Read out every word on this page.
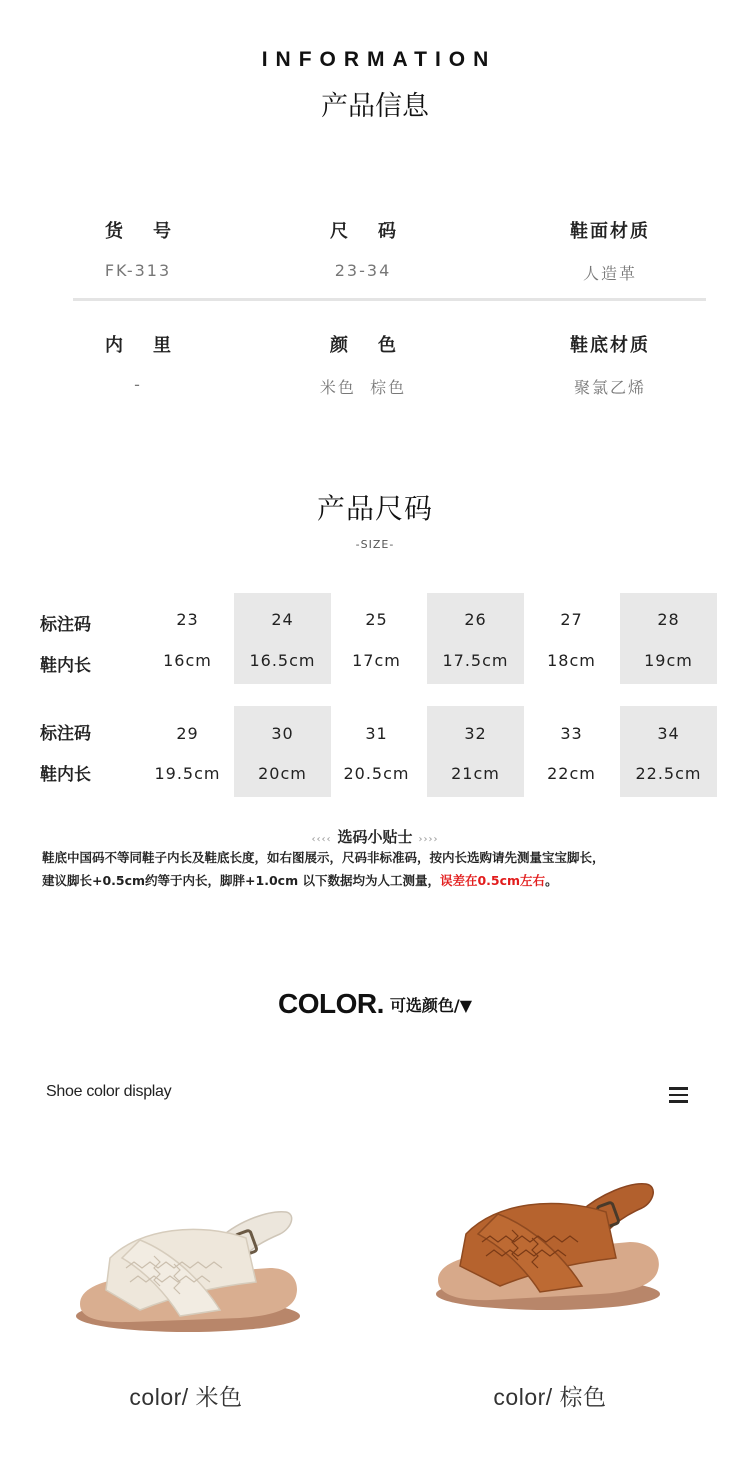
INFORMATION
产品信息
货号
FK-313
尺码
23-34
鞋面材质
人造革
内里
-
颜色
米色  棕色
鞋底材质
聚氯乙烯
产品尺码
-SIZE-
标注码
鞋内长
23
16cm
24
16.5cm
25
17cm
26
17.5cm
27
18cm
28
19cm
标注码
鞋内长
29
19.5cm
30
20cm
31
20.5cm
32
21cm
33
22cm
34
22.5cm
‹‹‹‹ 选码小贴士 ››››
鞋底中国码不等同鞋子内长及鞋底长度，如右图展示，尺码非标准码，按内长选购请先测量宝宝脚长，
建议脚长+0.5cm约等于内长，脚胖+1.0cm 以下数据均为人工测量，误差在0.5cm左右。
COLOR. 可选颜色/▼
Shoe color display
color/ 米色	color/ 棕色
